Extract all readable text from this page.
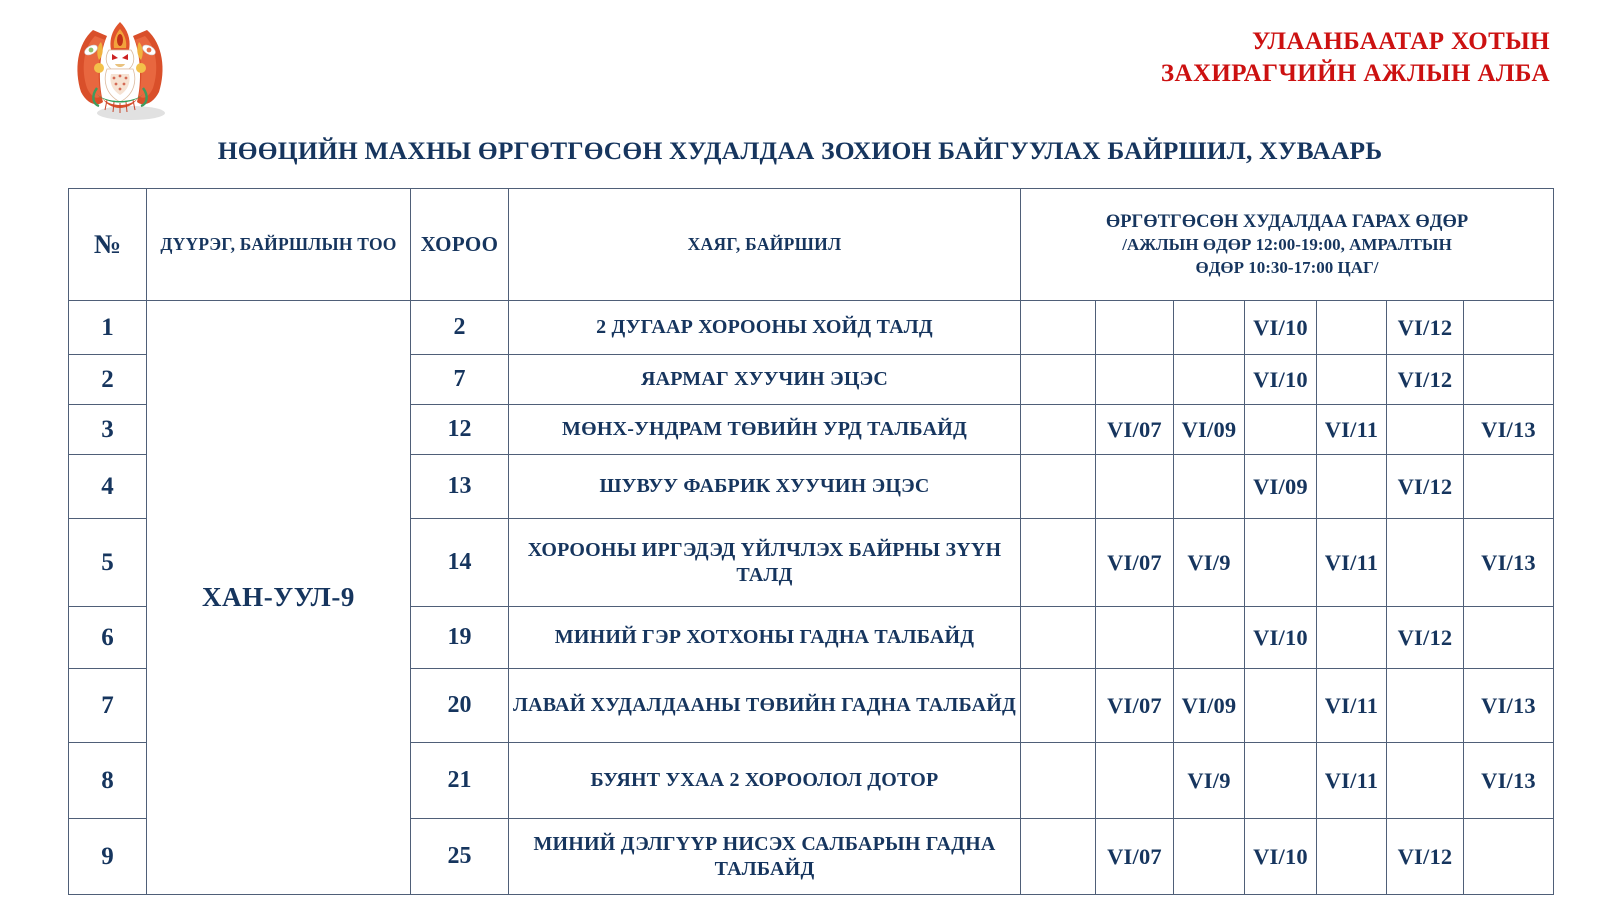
УЛААНБААТАР ХОТЫН
ЗАХИРАГЧИЙН АЖЛЫН АЛБА
НӨӨЦИЙН МАХНЫ ӨРГӨТГӨСӨН ХУДАЛДАА ЗОХИОН БАЙГУУЛАХ БАЙРШИЛ, ХУВААРЬ
№	ДҮҮРЭГ, БАЙРШЛЫН ТОО	ХОРОО	ХАЯГ, БАЙРШИЛ	ӨРГӨТГӨСӨН ХУДАЛДАА ГАРАХ ӨДӨР
/АЖЛЫН ӨДӨР 12:00-19:00, АМРАЛТЫН
ӨДӨР 10:30-17:00 ЦАГ/						

1	ХАН-УУЛ-9	2	2 ДУГААР ХОРООНЫ ХОЙД ТАЛД				VI/10		VI/12	
2		7	ЯАРМАГ ХУУЧИН ЭЦЭС				VI/10		VI/12	
3		12	МӨНХ-УНДРАМ ТӨВИЙН УРД ТАЛБАЙД		VI/07	VI/09		VI/11		VI/13
4		13	ШУВУУ ФАБРИК ХУУЧИН ЭЦЭС				VI/09		VI/12	
5		14	ХОРООНЫ ИРГЭДЭД ҮЙЛЧЛЭХ БАЙРНЫ ЗҮҮН ТАЛД		VI/07	VI/9		VI/11		VI/13
6		19	МИНИЙ ГЭР ХОТХОНЫ ГАДНА ТАЛБАЙД				VI/10		VI/12	
7		20	ЛАВАЙ ХУДАЛДААНЫ ТӨВИЙН ГАДНА ТАЛБАЙД		VI/07	VI/09		VI/11		VI/13
8		21	БУЯНТ УХАА 2 ХОРООЛОЛ ДОТОР			VI/9		VI/11		VI/13
9		25	МИНИЙ ДЭЛГҮҮР НИСЭХ САЛБАРЫН ГАДНА ТАЛБАЙД		VI/07		VI/10		VI/12	
